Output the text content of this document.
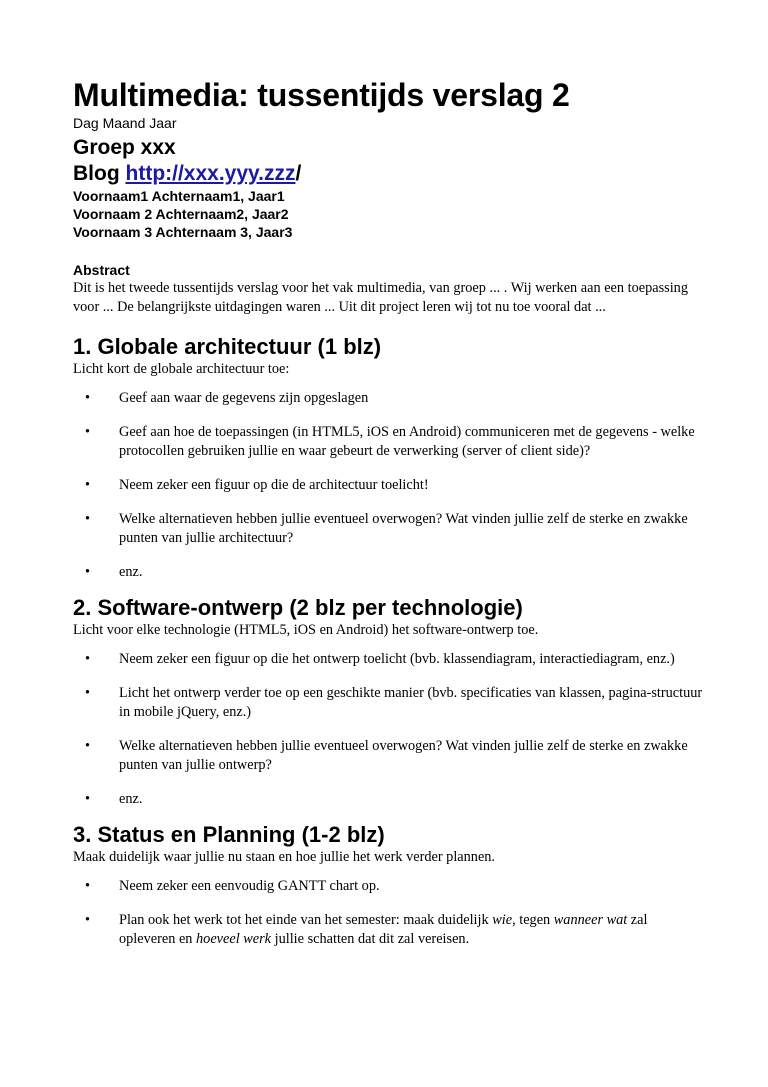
Multimedia: tussentijds verslag 2
Dag Maand Jaar
Groep xxx
Blog http://xxx.yyy.zzz/
Voornaam1 Achternaam1, Jaar1
Voornaam 2 Achternaam2, Jaar2
Voornaam 3 Achternaam 3, Jaar3
Abstract
Dit is het tweede tussentijds verslag voor het vak multimedia, van groep ... . Wij werken aan een toepassing voor ... De belangrijkste uitdagingen waren ... Uit dit project leren wij tot nu toe vooral dat ...
1. Globale architectuur (1 blz)
Licht kort de globale architectuur toe:
• Geef aan waar de gegevens zijn opgeslagen
• Geef aan hoe de toepassingen (in HTML5, iOS en Android) communiceren met de gegevens - welke protocollen gebruiken jullie en waar gebeurt de verwerking (server of client side)?
• Neem zeker een figuur op die de architectuur toelicht!
• Welke alternatieven hebben jullie eventueel overwogen? Wat vinden jullie zelf de sterke en zwakke punten van jullie architectuur?
• enz.
2. Software-ontwerp (2 blz per technologie)
Licht voor elke technologie (HTML5, iOS en Android) het software-ontwerp toe.
• Neem zeker een figuur op die het ontwerp toelicht (bvb. klassendiagram, interactiediagram, enz.)
• Licht het ontwerp verder toe op een geschikte manier (bvb. specificaties van klassen, pagina-structuur in mobile jQuery, enz.)
• Welke alternatieven hebben jullie eventueel overwogen? Wat vinden jullie zelf de sterke en zwakke punten van jullie ontwerp?
• enz.
3. Status en Planning (1-2 blz)
Maak duidelijk waar jullie nu staan en hoe jullie het werk verder plannen.
• Neem zeker een eenvoudig GANTT chart op.
• Plan ook het werk tot het einde van het semester: maak duidelijk wie, tegen wanneer wat zal opleveren en hoeveel werk jullie schatten dat dit zal vereisen.
